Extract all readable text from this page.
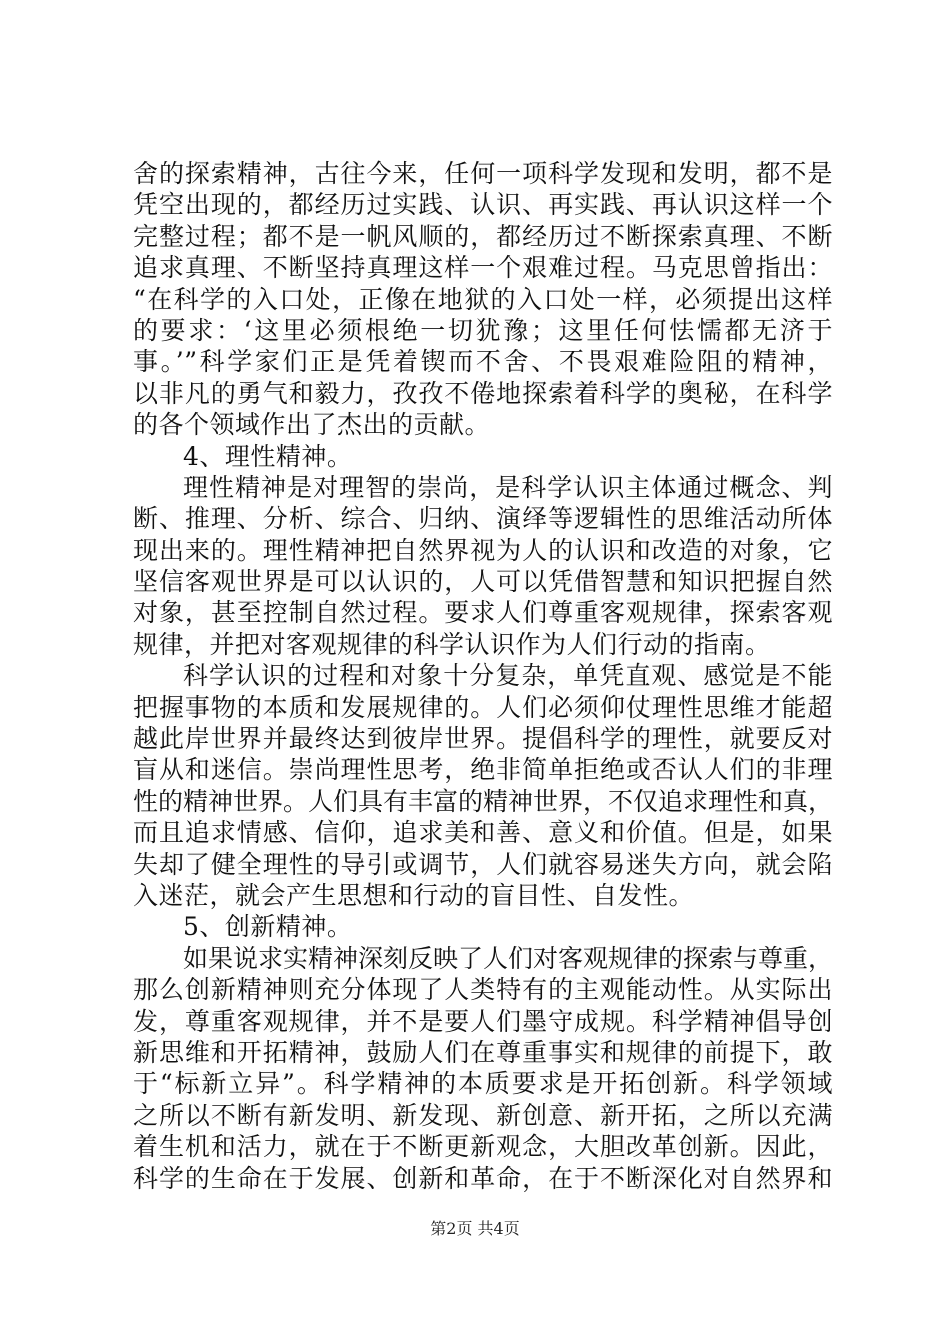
舍的探索精神，古往今来，任何一项科学发现和发明，都不是
凭空出现的，都经历过实践、认识、再实践、再认识这样一个
完整过程；都不是一帆风顺的，都经历过不断探索真理、不断
追求真理、不断坚持真理这样一个艰难过程。马克思曾指出：
“在科学的入口处，正像在地狱的入口处一样，必须提出这样
的要求：‘这里必须根绝一切犹豫；这里任何怯懦都无济于
事。’”科学家们正是凭着锲而不舍、不畏艰难险阻的精神，
以非凡的勇气和毅力，孜孜不倦地探索着科学的奥秘，在科学
的各个领域作出了杰出的贡献。
4、理性精神。
理性精神是对理智的崇尚，是科学认识主体通过概念、判
断、推理、分析、综合、归纳、演绎等逻辑性的思维活动所体
现出来的。理性精神把自然界视为人的认识和改造的对象，它
坚信客观世界是可以认识的，人可以凭借智慧和知识把握自然
对象，甚至控制自然过程。要求人们尊重客观规律，探索客观
规律，并把对客观规律的科学认识作为人们行动的指南。
科学认识的过程和对象十分复杂，单凭直观、感觉是不能
把握事物的本质和发展规律的。人们必须仰仗理性思维才能超
越此岸世界并最终达到彼岸世界。提倡科学的理性，就要反对
盲从和迷信。崇尚理性思考，绝非简单拒绝或否认人们的非理
性的精神世界。人们具有丰富的精神世界，不仅追求理性和真，
而且追求情感、信仰，追求美和善、意义和价值。但是，如果
失却了健全理性的导引或调节，人们就容易迷失方向，就会陷
入迷茫，就会产生思想和行动的盲目性、自发性。
5、创新精神。
如果说求实精神深刻反映了人们对客观规律的探索与尊重，
那么创新精神则充分体现了人类特有的主观能动性。从实际出
发，尊重客观规律，并不是要人们墨守成规。科学精神倡导创
新思维和开拓精神，鼓励人们在尊重事实和规律的前提下，敢
于“标新立异”。科学精神的本质要求是开拓创新。科学领域
之所以不断有新发明、新发现、新创意、新开拓，之所以充满
着生机和活力，就在于不断更新观念，大胆改革创新。因此，
科学的生命在于发展、创新和革命，在于不断深化对自然界和
第2页 共4页
